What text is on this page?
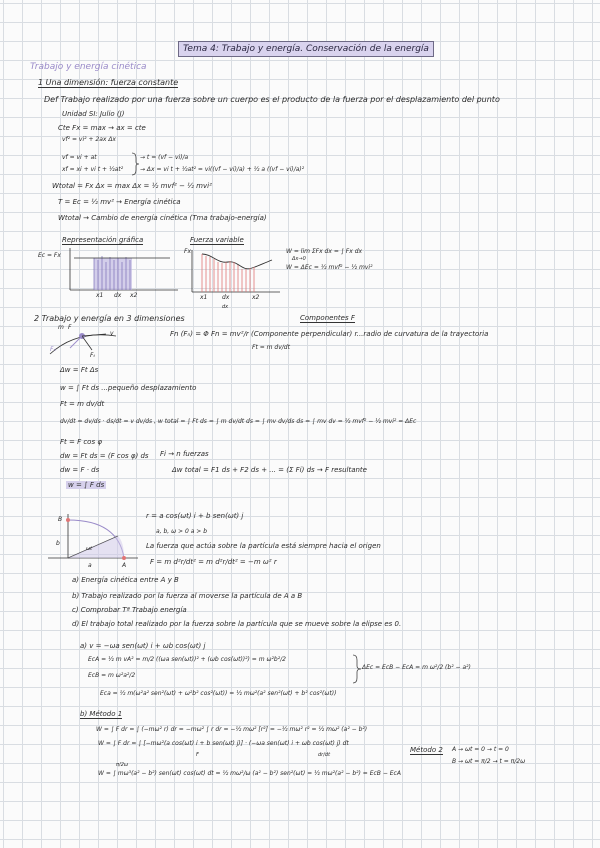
Tema 4: Trabajo y energía. Conservación de la energía
Trabajo y energía cinética
1 Una dimensión: fuerza constante
Def Trabajo realizado por una fuerza sobre un cuerpo es el producto de la fuerza por el desplazamiento del punto
Unidad SI: Julio (J)
Cte Fx = max → ax = cte
vf² = vi² + 2ax Δx
vf = vi + at
xf = xi + vi t + ½at²
→ t = (vf − vi)/a
→ Δx = vi t + ½at² = vi((vf − vi)/a) + ½ a ((vf − vi)/a)²
Wtotal = Fx Δx = max Δx = ½ mvf² − ½ mvi²
T = Ec = ½ mv² → Energía cinética
Wtotal → Cambio de energía cinética (Tma trabajo-energía)
Representación gráfica	Fuerza variable
Ec = Fx
x1 dx x2
Fx
x1 dx	x2
dx
W = lim ΣFx dx = ∫ Fx dx
Δx→0
W = ΔEc = ½ mvf² − ½ mvi²
2 Trabajo y energía en 3 dimensiones	Componentes F
m F
v
Fₙ
Fₜ
Fn (Fₙ) = Φ Fn = mv²/r (Componente perpendicular) r...radio de curvatura de la trayectoria
Ft = m dv/dt
Δw = Ft Δs
w = ∫ Ft ds ...pequeño desplazamiento
Ft = m dv/dt
dv/dt = dv/ds · ds/dt = v dv/ds , w total = ∫ Ft ds = ∫ m dv/dt ds = ∫ mv dv/ds ds = ∫ mv dv = ½ mvf² − ½ mvi² = ΔEc
Ft = F cos φ
Fi → n fuerzas
dw = Ft ds = (F cos φ) ds
dw = F · ds	Δw total = F1 ds + F2 ds + ... = (Σ Fi) ds → F resultante
w = ∫ F ds
B
b
a	A
ωt
r = a cos(ωt) i + b sen(ωt) j
a, b, ω > 0 a > b
La fuerza que actúa sobre la partícula está siempre hacia el origen
F = m d²r/dt² = m d²r/dt² = −m ω² r
a) Energía cinética entre A y B
b) Trabajo realizado por la fuerza al moverse la partícula de A a B
c) Comprobar Tª Trabajo energía
d) El trabajo total realizado por la fuerza sobre la partícula que se mueve sobre la elipse es 0.
a) v = −ωa sen(ωt) i + ωb cos(ωt) j
EcA = ½ m vA² = m/2 ((ωa sen(ωt))² + (ωb cos(ωt))²) = m ω²b²/2
EcB = m ω²a²/2
ΔEc = EcB − EcA = m ω²/2 (b² − a²)
Eca = ½ m(ω²a² sen²(ωt) + ω²b² cos²(ωt)) = ½ mω²(a² sen²(ωt) + b² cos²(ωt))
b) Método 1
W = ∫ F dr = ∫ (−mω² r) dr = −mω² ∫ r dr = −½ mω² [r²] = −½ mω² r² = ½ mω² (a² − b²)
Método 2 A → ωt = 0 → t = 0
B → ωt = π/2 → t = π/2ω
W = ∫ F dr = ∫ [−mω²(a cos(ωt) i + b sen(ωt) j)] · (−ωa sen(ωt) i + ωb cos(ωt) j) dt
F	dr/dt
W = ∫ mω³(a² − b²) sen(ωt) cos(ωt) dt = ½ mω²/ω (a² − b²) sen²(ωt) = ½ mω²(a² − b²) = EcB − EcA
π/2ω
